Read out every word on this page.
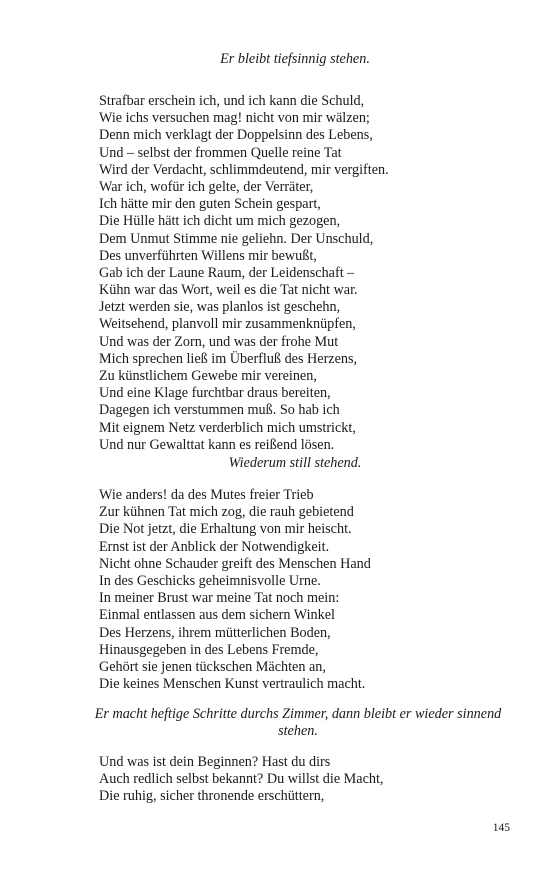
Er bleibt tiefsinnig stehen.
Strafbar erschein ich, und ich kann die Schuld,
Wie ichs versuchen mag! nicht von mir wälzen;
Denn mich verklagt der Doppelsinn des Lebens,
Und – selbst der frommen Quelle reine Tat
Wird der Verdacht, schlimmdeutend, mir vergiften.
War ich, wofür ich gelte, der Verräter,
Ich hätte mir den guten Schein gespart,
Die Hülle hätt ich dicht um mich gezogen,
Dem Unmut Stimme nie geliehn. Der Unschuld,
Des unverführten Willens mir bewußt,
Gab ich der Laune Raum, der Leidenschaft –
Kühn war das Wort, weil es die Tat nicht war.
Jetzt werden sie, was planlos ist geschehn,
Weitsehend, planvoll mir zusammenknüpfen,
Und was der Zorn, und was der frohe Mut
Mich sprechen ließ im Überfluß des Herzens,
Zu künstlichem Gewebe mir vereinen,
Und eine Klage furchtbar draus bereiten,
Dagegen ich verstummen muß. So hab ich
Mit eignem Netz verderblich mich umstrickt,
Und nur Gewalttat kann es reißend lösen.
Wiederum still stehend.
Wie anders! da des Mutes freier Trieb
Zur kühnen Tat mich zog, die rauh gebietend
Die Not jetzt, die Erhaltung von mir heischt.
Ernst ist der Anblick der Notwendigkeit.
Nicht ohne Schauder greift des Menschen Hand
In des Geschicks geheimnisvolle Urne.
In meiner Brust war meine Tat noch mein:
Einmal entlassen aus dem sichern Winkel
Des Herzens, ihrem mütterlichen Boden,
Hinausgegeben in des Lebens Fremde,
Gehört sie jenen tückschen Mächten an,
Die keines Menschen Kunst vertraulich macht.
Er macht heftige Schritte durchs Zimmer, dann bleibt er wieder sinnend stehen.
Und was ist dein Beginnen? Hast du dirs
Auch redlich selbst bekannt? Du willst die Macht,
Die ruhig, sicher thronende erschüttern,
145
